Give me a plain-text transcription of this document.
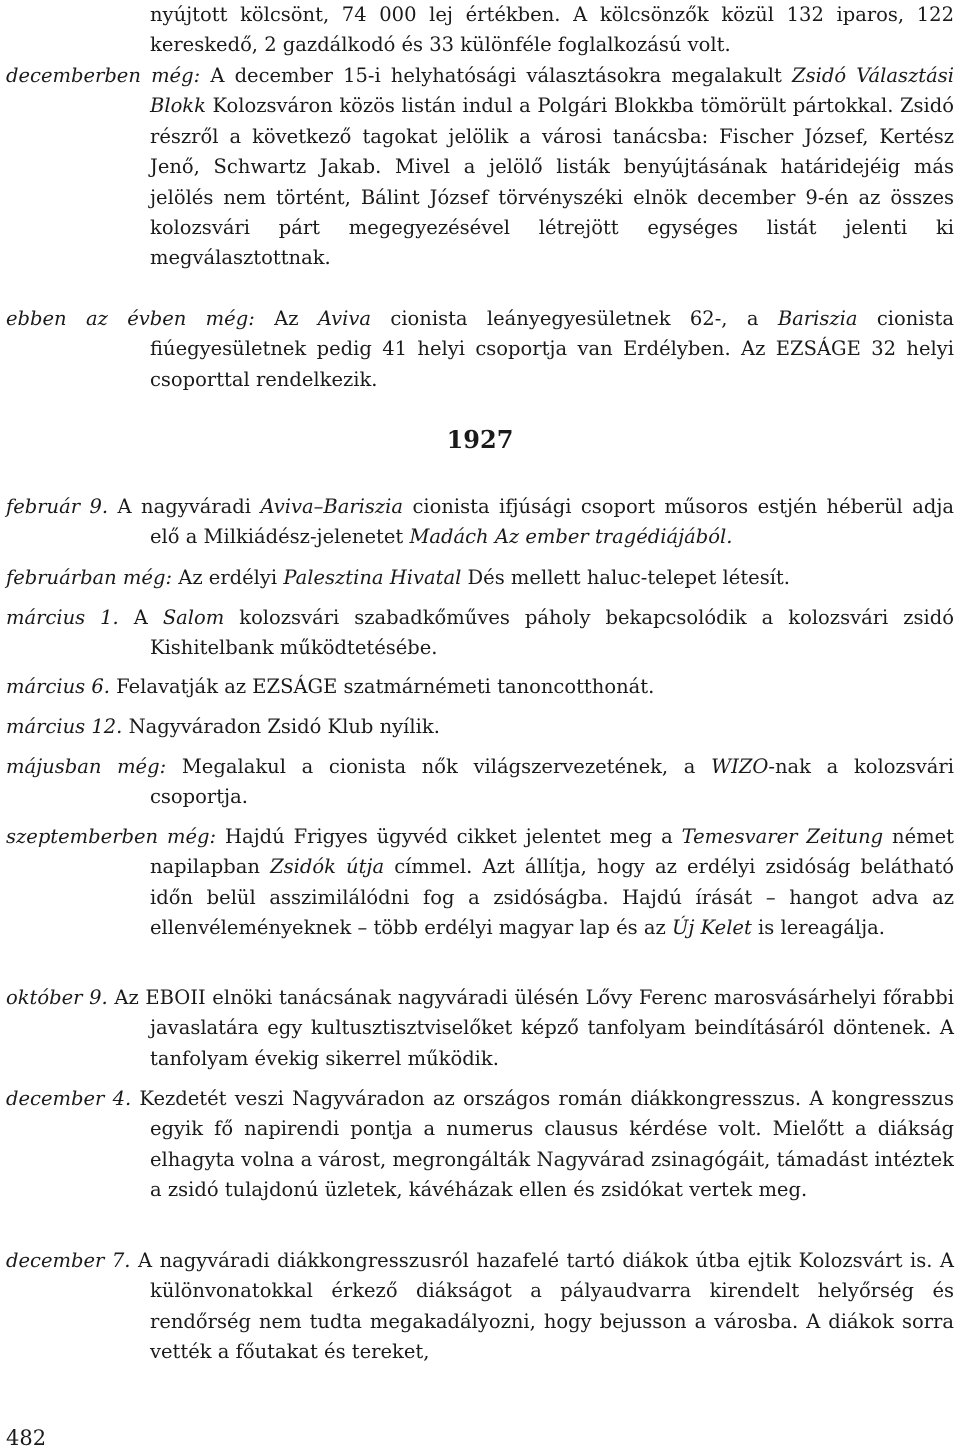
nyújtott kölcsönt, 74 000 lej értékben. A kölcsönzők közül 132 iparos, 122 kereskedő, 2 gazdálkodó és 33 különféle foglalkozású volt.

decemberben még: A december 15-i helyhatósági választásokra megalakult Zsidó Választási Blokk Kolozsváron közös listán indul a Polgári Blokkba tömörült pártokkal. Zsidó részről a következő tagokat jelölik a városi tanácsba: Fischer József, Kertész Jenő, Schwartz Jakab. Mivel a jelölő listák benyújtásának határidejéig más jelölés nem történt, Bálint József törvényszéki elnök december 9-én az összes kolozsvári párt megegyezésével létrejött egységes listát jelenti ki megválasztottnak.

ebben az évben még: Az Aviva cionista leányegyesületnek 62-, a Bariszia cionista fiúegyesületnek pedig 41 helyi csoportja van Erdélyben. Az EZSÁGE 32 helyi csoporttal rendelkezik.

1927

február 9. A nagyváradi Aviva–Bariszia cionista ifjúsági csoport műsoros estjén héberül adja elő a Milkiádész-jelenetet Madách Az ember tragédiájából.

februárban még: Az erdélyi Palesztina Hivatal Dés mellett haluc-telepet létesít.

március 1. A Salom kolozsvári szabadkőműves páholy bekapcsolódik a kolozsvári zsidó Kishitelbank működtetésébe.

március 6. Felavatják az EZSÁGE szatmárnémeti tanoncotthonát.

március 12. Nagyváradon Zsidó Klub nyílik.

májusban még: Megalakul a cionista nők világszervezetének, a WIZO-nak a kolozsvári csoportja.

szeptemberben még: Hajdú Frigyes ügyvéd cikket jelentet meg a Temesvarer Zeitung német napilapban Zsidók útja címmel. Azt állítja, hogy az erdélyi zsidóság belátható időn belül asszimilálódni fog a zsidóságba. Hajdú írását – hangot adva az ellenvéleményeknek – több erdélyi magyar lap és az Új Kelet is lereagálja.

október 9. Az EBOII elnöki tanácsának nagyváradi ülésén Lővy Ferenc marosvásárhelyi főrabbi javaslatára egy kultusztisztviselőket képző tanfolyam beindításáról döntenek. A tanfolyam évekig sikerrel működik.

december 4. Kezdetét veszi Nagyváradon az országos román diákkongresszus. A kongresszus egyik fő napirendi pontja a numerus clausus kérdése volt. Mielőtt a diákság elhagyta volna a várost, megrongálták Nagyvárad zsinagógáit, támadást intéztek a zsidó tulajdonú üzletek, kávéházak ellen és zsidókat vertek meg.

december 7. A nagyváradi diákkongresszusról hazafelé tartó diákok útba ejtik Kolozsvárt is. A különvonatokkal érkező diákságot a pályaudvarra kirendelt helyőrség és rendőrség nem tudta megakadályozni, hogy bejusson a városba. A diákok sorra vették a főutakat és tereket,

482
